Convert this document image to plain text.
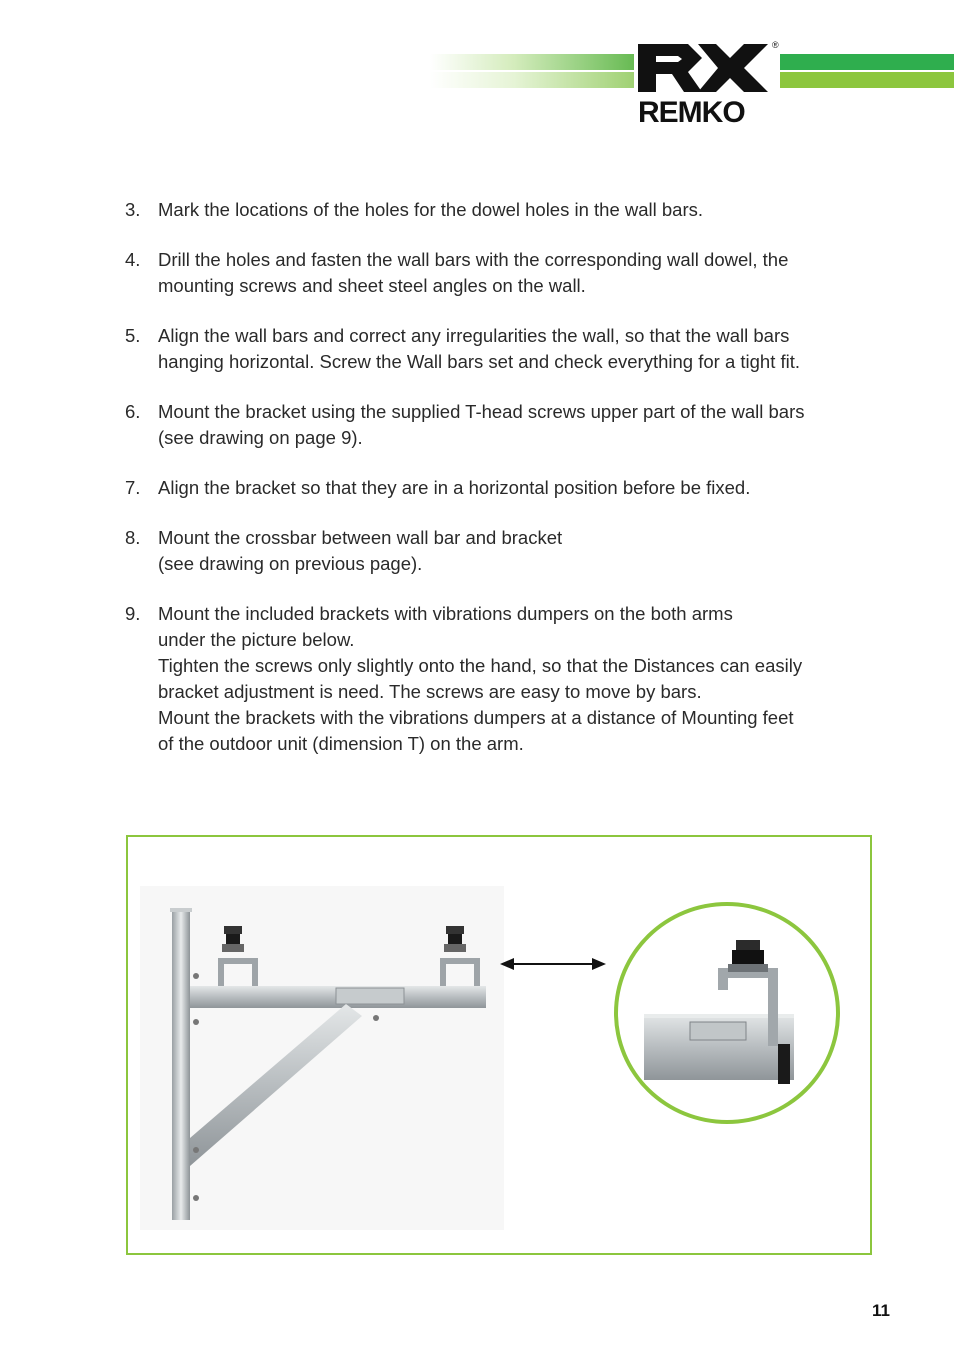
REMKO
®
3. Mark the locations of the holes for the dowel holes in the wall bars.
4. Drill the holes and fasten the wall bars with the corresponding wall dowel, the
mounting screws and sheet steel angles on the wall.
5. Align the wall bars and correct any irregularities the wall, so that the wall bars
hanging horizontal. Screw the Wall bars set and check everything for a tight fit.
6. Mount the bracket using the supplied T-head screws upper part of the wall bars
(see drawing on page 9).
7. Align the bracket so that they are in a horizontal position before be fixed.
8. Mount the crossbar between wall bar and bracket
(see drawing on previous page).
9. Mount the included brackets with vibrations dumpers on the both arms
under the picture below.
Tighten the screws only slightly onto the hand, so that the Distances can easily
bracket adjustment is need. The screws are easy to move by bars.
Mount the brackets with the vibrations dumpers at a distance of Mounting feet
of the outdoor unit (dimension T) on the arm.
11
